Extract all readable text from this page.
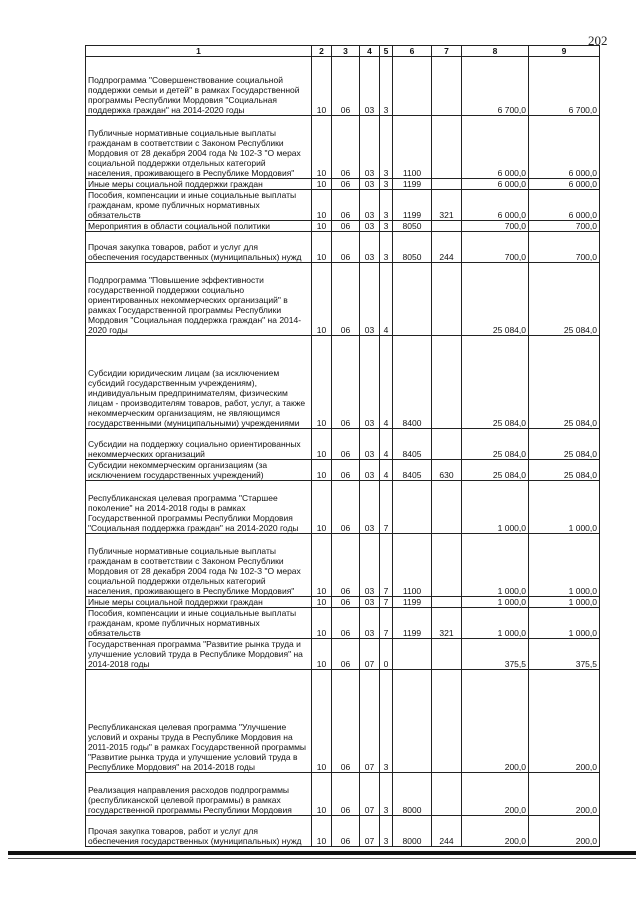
202
1	2	3	4	5	6	7	8	9
Подпрограмма "Совершенствование социальной поддержки семьи и детей" в рамках Государственной программы Республики Мордовия "Социальная поддержка граждан" на 2014-2020 годы	10	06	03	3			6 700,0	6 700,0
Публичные нормативные социальные выплаты гражданам в соответствии с Законом Республики Мордовия от 28 декабря 2004 года № 102-З "О мерах социальной поддержки отдельных категорий населения, проживающего в Республике Мордовия"	10	06	03	3	1100		6 000,0	6 000,0
Иные меры социальной поддержки граждан	10	06	03	3	1199		6 000,0	6 000,0
Пособия, компенсации и иные социальные выплаты гражданам, кроме публичных нормативных обязательств	10	06	03	3	1199	321	6 000,0	6 000,0
Мероприятия в области социальной политики	10	06	03	3	8050		700,0	700,0
Прочая закупка товаров, работ и услуг для обеспечения государственных (муниципальных) нужд	10	06	03	3	8050	244	700,0	700,0
Подпрограмма "Повышение эффективности государственной поддержки социально ориентированных некоммерческих организаций" в рамках Государственной программы Республики Мордовия "Социальная поддержка граждан" на 2014-2020 годы	10	06	03	4			25 084,0	25 084,0
Субсидии юридическим лицам (за исключением субсидий государственным учреждениям), индивидуальным предпринимателям, физическим лицам - производителям товаров, работ, услуг, а также некоммерческим организациям, не являющимся государственными (муниципальными) учреждениями	10	06	03	4	8400		25 084,0	25 084,0
Субсидии на поддержку социально ориентированных некоммерческих организаций	10	06	03	4	8405		25 084,0	25 084,0
Субсидии некоммерческим организациям (за исключением государственных учреждений)	10	06	03	4	8405	630	25 084,0	25 084,0
Республиканская целевая программа "Старшее поколение" на 2014-2018 годы в рамках Государственной программы Республики Мордовия "Социальная поддержка граждан" на 2014-2020 годы	10	06	03	7			1 000,0	1 000,0
Публичные нормативные социальные выплаты гражданам в соответствии с Законом Республики Мордовия от 28 декабря 2004 года № 102-З "О мерах социальной поддержки отдельных категорий населения, проживающего в Республике Мордовия"	10	06	03	7	1100		1 000,0	1 000,0
Иные меры социальной поддержки граждан	10	06	03	7	1199		1 000,0	1 000,0
Пособия, компенсации и иные социальные выплаты гражданам, кроме публичных нормативных обязательств	10	06	03	7	1199	321	1 000,0	1 000,0
Государственная программа "Развитие рынка труда и улучшение условий труда в Республике Мордовия" на 2014-2018 годы	10	06	07	0			375,5	375,5
Республиканская целевая программа "Улучшение условий и охраны труда в Республике Мордовия на 2011-2015 годы" в рамках Государственной программы "Развитие рынка труда и улучшение условий труда в Республике Мордовия" на 2014-2018 годы	10	06	07	3			200,0	200,0
Реализация направления расходов подпрограммы (республиканской целевой программы) в рамках государственной программы Республики Мордовия	10	06	07	3	8000		200,0	200,0
Прочая закупка товаров, работ и услуг для обеспечения государственных (муниципальных) нужд	10	06	07	3	8000	244	200,0	200,0
